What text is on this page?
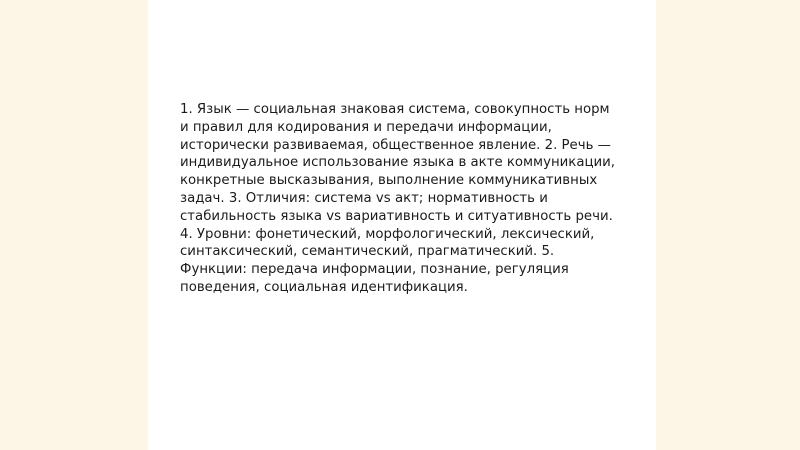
1. Язык — социальная знаковая система, совокупность норм и правил для кодирования и передачи информации, исторически развиваемая, общественное явление. 2. Речь — индивидуальное использование языка в акте коммуникации, конкретные высказывания, выполнение коммуникативных задач. 3. Отличия: система vs акт; нормативность и стабильность языка vs вариативность и ситуативность речи. 4. Уровни: фонетический, морфологический, лексический, синтаксический, семантический, прагматический. 5. Функции: передача информации, познание, регуляция поведения, социальная идентификация.
